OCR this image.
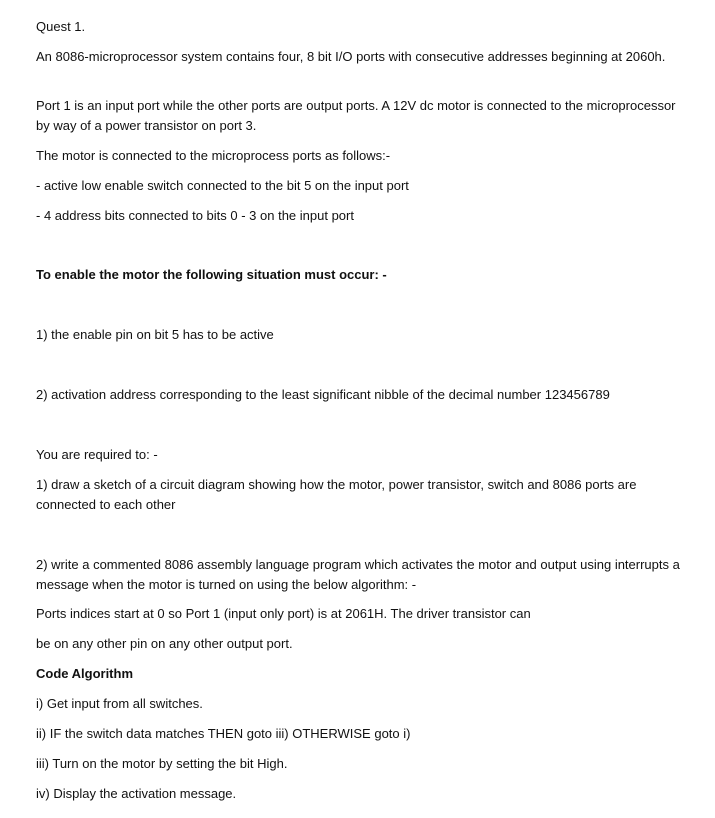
Quest 1.
An 8086-microprocessor system contains four, 8 bit I/O ports with consecutive addresses beginning at 2060h.
Port 1 is an input port while the other ports are output ports. A 12V dc motor is connected to the microprocessor by way of a power transistor on port 3.
The motor is connected to the microprocess ports as follows:-
- active low enable switch connected to the bit 5 on the input port
- 4 address bits connected to bits 0 - 3 on the input port
To enable the motor the following situation must occur: -
1) the enable pin on bit 5 has to be active
2) activation address corresponding to the least significant nibble of the decimal number 123456789
You are required to: -
1) draw a sketch of a circuit diagram showing how the motor, power transistor, switch and 8086 ports are connected to each other
2) write a commented 8086 assembly language program which activates the motor and output using interrupts a message when the motor is turned on using the below algorithm: -
Ports indices start at 0 so Port 1 (input only port) is at 2061H. The driver transistor can
be on any other pin on any other output port.
Code Algorithm
i) Get input from all switches.
ii) IF the switch data matches THEN goto iii) OTHERWISE goto i)
iii) Turn on the motor by setting the bit High.
iv) Display the activation message.
